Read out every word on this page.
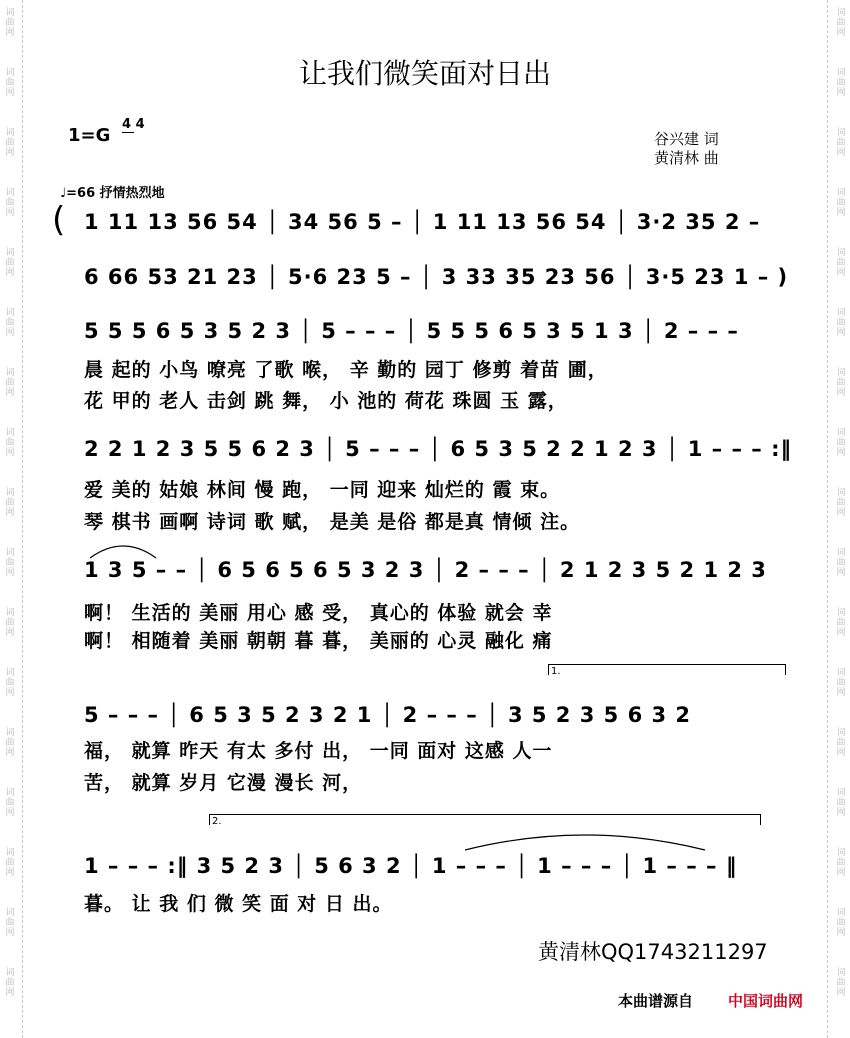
词
曲
网
词
曲
网
词
曲
网
词
曲
网
词
曲
网
词
曲
网
词
曲
网
词
曲
网
词
曲
网
词
曲
网
词
曲
网
词
曲
网
词
曲
网
词
曲
网
词
曲
网
词
曲
网
词
曲
网
词
曲
网
词
曲
网
词
曲
网
词
曲
网
词
曲
网
词
曲
网
词
曲
网
词
曲
网
词
曲
网
词
曲
网
词
曲
网
词
曲
网
词
曲
网
词
曲
网
词
曲
网
词
曲
网
词
曲
网
让我们微笑面对日出
1=G
4 4
谷兴建 词
黄清林 曲
♩=66 抒情热烈地
( 1 11 13 56 54 │ 34 56 5 – │ 1 11 13 56 54 │ 3·2 35 2 –
6 66 53 21 23 │ 5·6 23 5 – │ 3 33 35 23 56 │ 3·5 23 1 – )
5 5 5 6 5 3 5 2 3 │ 5 – – – │ 5 5 5 6 5 3 5 1 3 │ 2 – – –
晨 起的 小鸟 嘹亮 了歌 喉， 辛 勤的 园丁 修剪 着苗 圃，
花 甲的 老人 击剑 跳 舞， 小 池的 荷花 珠圆 玉 露，
2 2 1 2 3 5 5 6 2 3 │ 5 – – – │ 6 5 3 5 2 2 1 2 3 │ 1 – – – :‖
爱 美的 姑娘 林间 慢 跑， 一同 迎来 灿烂的 霞 束。
琴 棋书 画啊 诗词 歌 赋， 是美 是俗 都是真 情倾 注。
1 3 5 – – │ 6 5 6 5 6 5 3 2 3 │ 2 – – – │ 2 1 2 3 5 2 1 2 3
啊！ 生活的 美丽 用心 感 受， 真心的 体验 就会 幸
啊！ 相随着 美丽 朝朝 暮 暮， 美丽的 心灵 融化 痛
1.
5 – – – │ 6 5 3 5 2 3 2 1 │ 2 – – – │ 3 5 2 3 5 6 3 2
福， 就算 昨天 有太 多付 出， 一同 面对 这感 人一
苦， 就算 岁月 它漫 漫长 河，
2.
1 – – – :‖ 3 5 2 3 │ 5 6 3 2 │ 1 – – – │ 1 – – – │ 1 – – – ‖
暮。 让 我 们 微 笑 面 对 日 出。
黄清林QQ1743211297
本曲谱源自 中国词曲网
